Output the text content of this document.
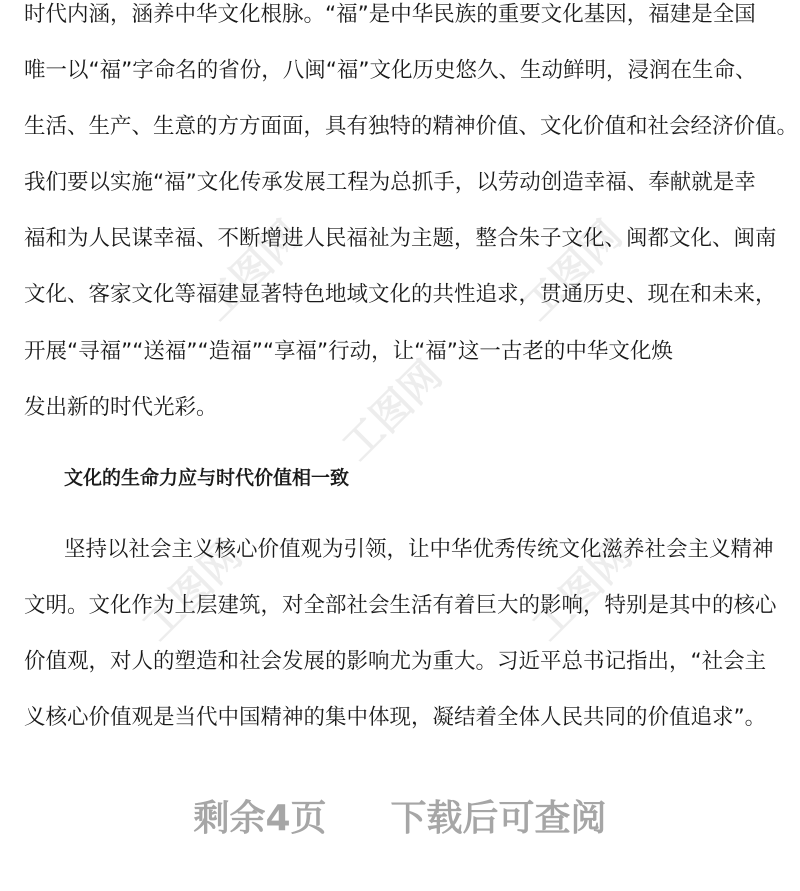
工图网	工图网
工图网
工图网	工图网
时代内涵，涵养中华文化根脉。“福”是中华民族的重要文化基因，福建是全国
唯一以“福”字命名的省份，八闽“福”文化历史悠久、生动鲜明，浸润在生命、
生活、生产、生意的方方面面，具有独特的精神价值、文化价值和社会经济价值。
我们要以实施“福”文化传承发展工程为总抓手，以劳动创造幸福、奉献就是幸
福和为人民谋幸福、不断增进人民福祉为主题，整合朱子文化、闽都文化、闽南
文化、客家文化等福建显著特色地域文化的共性追求，贯通历史、现在和未来，
开展“寻福”“送福”“造福”“享福”行动，让“福”这一古老的中华文化焕
发出新的时代光彩。
文化的生命力应与时代价值相一致
坚持以社会主义核心价值观为引领，让中华优秀传统文化滋养社会主义精神
文明。文化作为上层建筑，对全部社会生活有着巨大的影响，特别是其中的核心
价值观，对人的塑造和社会发展的影响尤为重大。习近平总书记指出，“社会主
义核心价值观是当代中国精神的集中体现，凝结着全体人民共同的价值追求”。
剩余4页 下载后可查阅
